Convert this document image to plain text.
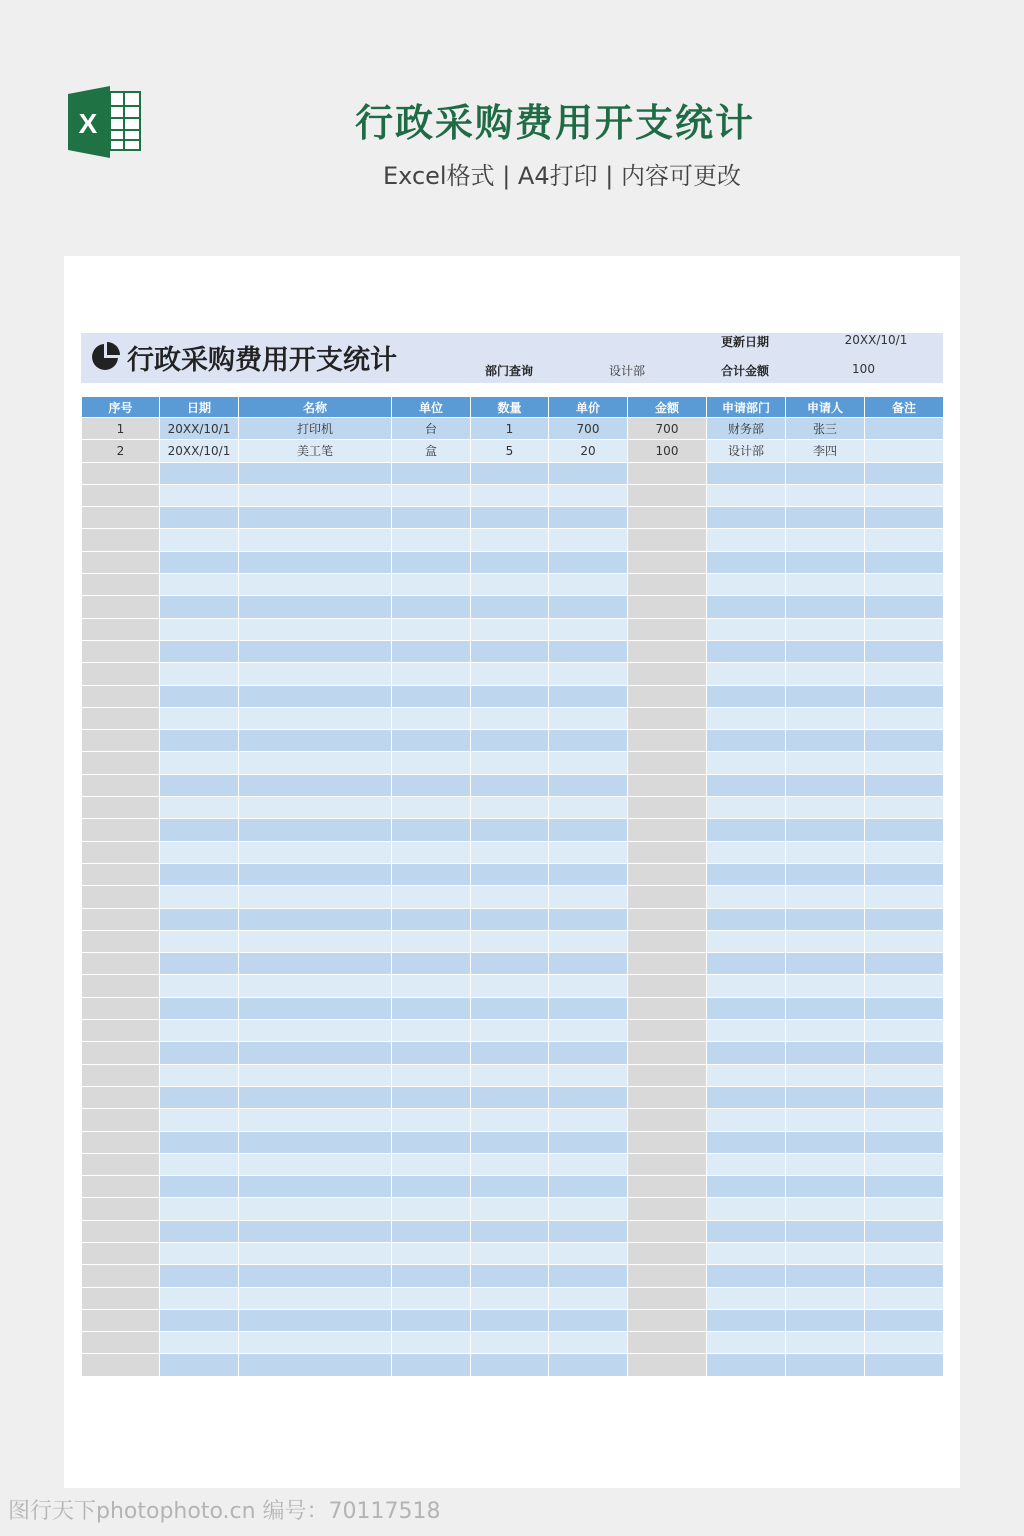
X	行政采购费用开支统计

Excel格式 | A4打印 | 内容可更改

行政采购费用开支统计
更新日期	20XX/10/1
部门查询	设计部	合计金额	100
序号	日期	名称	单位	数量	单价	金额	申请部门	申请人	备注
1	20XX/10/1	打印机	台	1	700	700	财务部	张三	
2	20XX/10/1	美工笔	盒	5	20	100	设计部	李四	

图行天下photophoto.cn 编号：70117518
